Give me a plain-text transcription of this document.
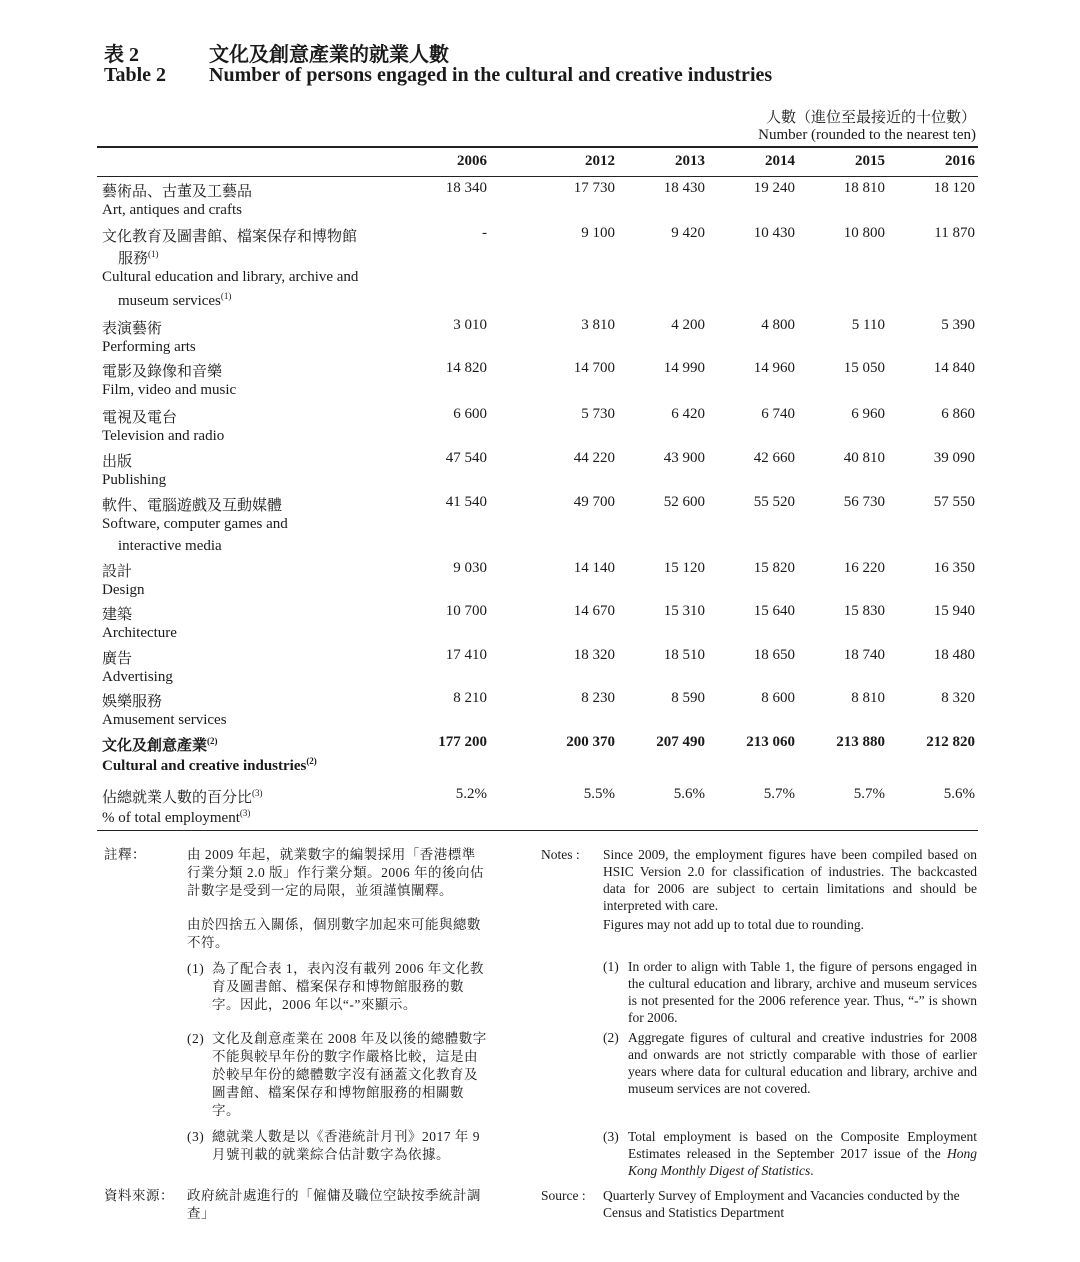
表 2	文化及創意產業的就業人數
Table 2 Number of persons engaged in the cultural and creative industries
人數（進位至最接近的十位數）
Number (rounded to the nearest ten)
2006	2012	2013	2014	2015	2016
藝術品、古董及工藝品
Art, antiques and crafts
18 340	17 730	18 430	19 240	18 810	18 120
文化教育及圖書館、檔案保存和博物館
服務$^{(1)}$
Cultural education and library, archive and
museum services$^{(1)}$
-	9 100	9 420	10 430	10 800	11 870
表演藝術
Performing arts
3 010	3 810	4 200	4 800	5 110	5 390
電影及錄像和音樂
Film, video and music
14 820	14 700	14 990	14 960	15 050	14 840
電視及電台
Television and radio
6 600	5 730	6 420	6 740	6 960	6 860
出版
Publishing
47 540	44 220	43 900	42 660	40 810	39 090
軟件、電腦遊戲及互動媒體
Software, computer games and
interactive media
41 540	49 700	52 600	55 520	56 730	57 550
設計
Design
9 030	14 140	15 120	15 820	16 220	16 350
建築
Architecture
10 700	14 670	15 310	15 640	15 830	15 940
廣告
Advertising
17 410	18 320	18 510	18 650	18 740	18 480
娛樂服務
Amusement services
8 210	8 230	8 590	8 600	8 810	8 320
文化及創意產業$^{(2)}$
Cultural and creative industries$^{(2)}$
177 200	200 370	207 490	213 060	213 880	212 820
佔總就業人數的百分比$^{(3)}$
% of total employment$^{(3)}$
5.2%	5.5%	5.6%	5.7%	5.7%	5.6%
註釋：	由 2009 年起，就業數字的編製採用「香港標準行業分類 2.0 版」作行業分類。2006 年的後向估計數字是受到一定的局限，並須謹慎闡釋。
由於四捨五入關係，個別數字加起來可能與總數不符。
(1) 為了配合表 1，表內沒有載列 2006 年文化教育及圖書館、檔案保存和博物館服務的數字。因此，2006 年以“-”來顯示。
(2) 文化及創意產業在 2008 年及以後的總體數字不能與較早年份的數字作嚴格比較，這是由於較早年份的總體數字沒有涵蓋文化教育及圖書館、檔案保存和博物館服務的相關數字。
(3) 總就業人數是以《香港統計月刊》2017 年 9 月號刊載的就業綜合估計數字為依據。
資料來源： 政府統計處進行的「僱傭及職位空缺按季統計調查」
Notes : Since 2009, the employment figures have been compiled based on HSIC Version 2.0 for classification of industries. The backcasted data for 2006 are subject to certain limitations and should be interpreted with care.
Figures may not add up to total due to rounding.
(1) In order to align with Table 1, the figure of persons engaged in the cultural education and library, archive and museum services is not presented for the 2006 reference year. Thus, “-” is shown for 2006.
(2) Aggregate figures of cultural and creative industries for 2008 and onwards are not strictly comparable with those of earlier years where data for cultural education and library, archive and museum services are not covered.
(3) Total employment is based on the Composite Employment Estimates released in the September 2017 issue of the Hong Kong Monthly Digest of Statistics.
Source : Quarterly Survey of Employment and Vacancies conducted by the Census and Statistics Department
